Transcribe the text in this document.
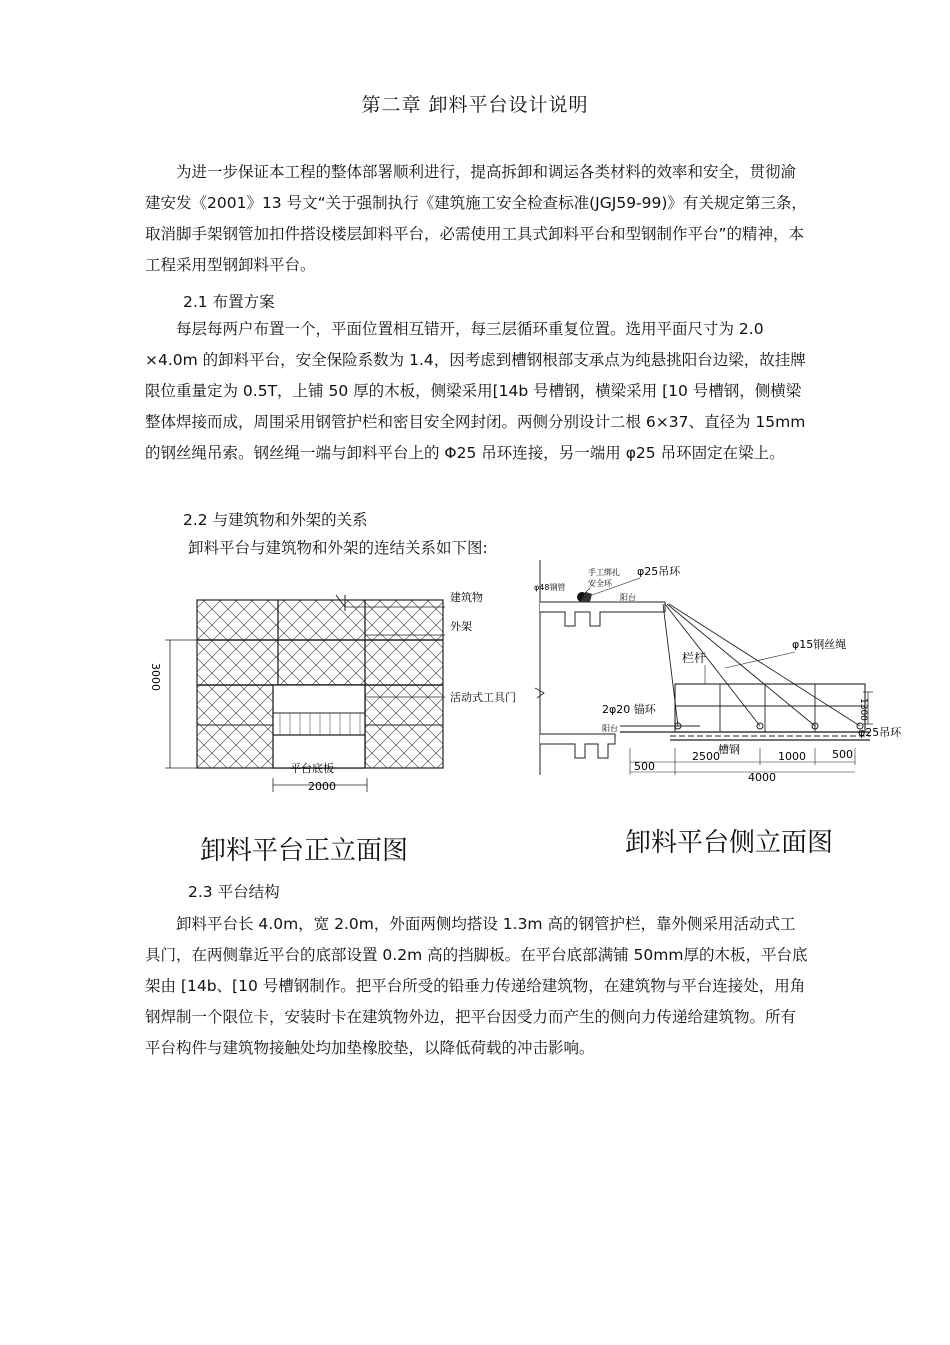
第二章 卸料平台设计说明

为进一步保证本工程的整体部署顺利进行，提高拆卸和调运各类材料的效率和安全，贯彻渝建安发《2001》13 号文“关于强制执行《建筑施工安全检查标准(JGJ59-99)》有关规定第三条，取消脚手架钢管加扣件搭设楼层卸料平台，必需使用工具式卸料平台和型钢制作平台”的精神，本工程采用型钢卸料平台。

2.1 布置方案

每层每两户布置一个，平面位置相互错开，每三层循环重复位置。选用平面尺寸为 2.0 ×4.0m 的卸料平台，安全保险系数为 1.4，因考虑到槽钢根部支承点为纯悬挑阳台边梁，故挂牌限位重量定为 0.5T，上铺 50 厚的木板，侧梁采用[14b 号槽钢，横梁采用 [10 号槽钢，侧横梁整体焊接而成，周围采用钢管护栏和密目安全网封闭。两侧分别设计二根 6×37、直径为 15mm的钢丝绳吊索。钢丝绳一端与卸料平台上的 Φ25 吊环连接，另一端用 φ25 吊环固定在梁上。

2.2 与建筑物和外架的关系
卸料平台与建筑物和外架的连结关系如下图:
3000
建筑物
外架
活动式工具门
平台底板
2000
φ48钢管
手工绑扎
安全环
φ25吊环
阳台
φ15钢丝绳
栏杆
2φ20 锚环
阳台	φ25吊环
1300
槽钢
500
2500	1000 500
4000
卸料平台正立面图	卸料平台侧立面图
2.3 平台结构

卸料平台长 4.0m，宽 2.0m，外面两侧均搭设 1.3m 高的钢管护栏，靠外侧采用活动式工具门，在两侧靠近平台的底部设置 0.2m 高的挡脚板。在平台底部满铺 50mm厚的木板，平台底架由 [14b、[10 号槽钢制作。把平台所受的铅垂力传递给建筑物，在建筑物与平台连接处，用角钢焊制一个限位卡，安装时卡在建筑物外边，把平台因受力而产生的侧向力传递给建筑物。所有平台构件与建筑物接触处均加垫橡胶垫，以降低荷载的冲击影响。
